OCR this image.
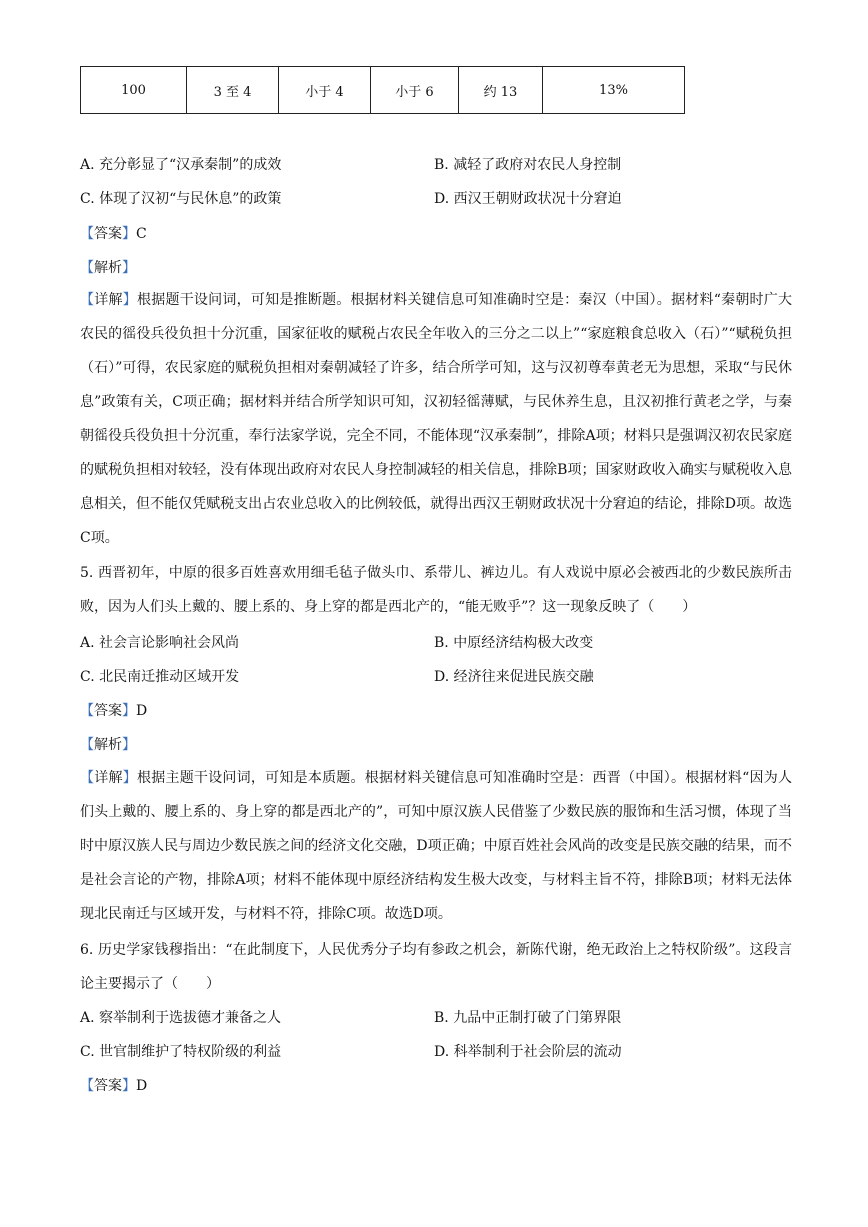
100	3 至 4	小于 4	小于 6	约 13	13%
A. 充分彰显了“汉承秦制”的成效	B. 减轻了政府对农民人身控制
C. 体现了汉初“与民休息”的政策	D. 西汉王朝财政状况十分窘迫
【答案】C
【解析】

【详解】根据题干设问词，可知是推断题。根据材料关键信息可知准确时空是：秦汉（中国）。据材料“秦朝时广大农民的徭役兵役负担十分沉重，国家征收的赋税占农民全年收入的三分之二以上”“家庭粮食总收入（石）”“赋税负担（石）”可得，农民家庭的赋税负担相对秦朝减轻了许多，结合所学可知，这与汉初尊奉黄老无为思想，采取“与民休息”政策有关，C项正确；据材料并结合所学知识可知，汉初轻徭薄赋，与民休养生息，且汉初推行黄老之学，与秦朝徭役兵役负担十分沉重，奉行法家学说，完全不同，不能体现“汉承秦制”，排除A项；材料只是强调汉初农民家庭的赋税负担相对较轻，没有体现出政府对农民人身控制减轻的相关信息，排除B项；国家财政收入确实与赋税收入息息相关，但不能仅凭赋税支出占农业总收入的比例较低，就得出西汉王朝财政状况十分窘迫的结论，排除D项。故选C项。

5. 西晋初年，中原的很多百姓喜欢用细毛毡子做头巾、系带儿、裤边儿。有人戏说中原必会被西北的少数民族所击败，因为人们头上戴的、腰上系的、身上穿的都是西北产的，“能无败乎”？这一现象反映了（　　）

A. 社会言论影响社会风尚	B. 中原经济结构极大改变
C. 北民南迁推动区域开发	D. 经济往来促进民族交融
【答案】D
【解析】

【详解】根据主题干设问词，可知是本质题。根据材料关键信息可知准确时空是：西晋（中国）。根据材料“因为人们头上戴的、腰上系的、身上穿的都是西北产的”，可知中原汉族人民借鉴了少数民族的服饰和生活习惯，体现了当时中原汉族人民与周边少数民族之间的经济文化交融，D项正确；中原百姓社会风尚的改变是民族交融的结果，而不是社会言论的产物，排除A项；材料不能体现中原经济结构发生极大改变，与材料主旨不符，排除B项；材料无法体现北民南迁与区域开发，与材料不符，排除C项。故选D项。

6. 历史学家钱穆指出：“在此制度下，人民优秀分子均有参政之机会，新陈代谢，绝无政治上之特权阶级”。这段言论主要揭示了（　　）

A. 察举制利于选拔德才兼备之人	B. 九品中正制打破了门第界限
C. 世官制维护了特权阶级的利益	D. 科举制利于社会阶层的流动
【答案】D
